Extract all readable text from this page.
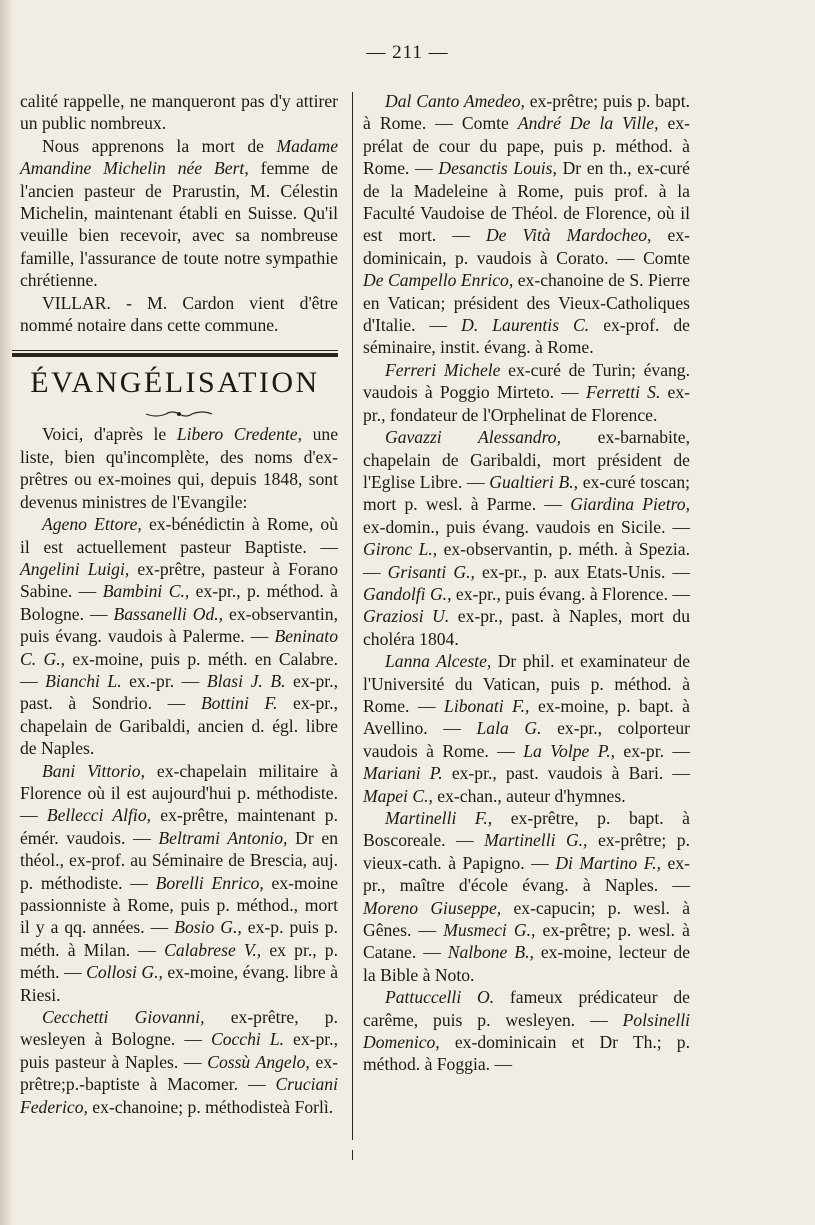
— 211 —

calité rappelle, ne manqueront pas d'y attirer un public nombreux.

Nous apprenons la mort de Madame Amandine Michelin née Bert, femme de l'ancien pasteur de Prarustin, M. Célestin Michelin, maintenant établi en Suisse. Qu'il veuille bien recevoir, avec sa nombreuse famille, l'assurance de toute notre sympathie chrétienne.

VILLAR. - M. Cardon vient d'être nommé notaire dans cette commune.

ÉVANGÉLISATION

Voici, d'après le Libero Credente, une liste, bien qu'incomplète, des noms d'ex-prêtres ou ex-moines qui, depuis 1848, sont devenus ministres de l'Evangile:

Ageno Ettore, ex-bénédictin à Rome, où il est actuellement pasteur Baptiste. — Angelini Luigi, ex-prêtre, pasteur à Forano Sabine. — Bambini C., ex-pr., p. méthod. à Bologne. — Bassanelli Od., ex-observantin, puis évang. vaudois à Palerme. — Beninato C. G., ex-moine, puis p. méth. en Calabre. — Bianchi L. ex.-pr. — Blasi J. B. ex-pr., past. à Sondrio. — Bottini F. ex-pr., chapelain de Garibaldi, ancien d. égl. libre de Naples.

Bani Vittorio, ex-chapelain militaire à Florence où il est aujourd'hui p. méthodiste. — Bellecci Alfio, ex-prêtre, maintenant p. émér. vaudois. — Beltrami Antonio, Dr en théol., ex-prof. au Séminaire de Brescia, auj. p. méthodiste. — Borelli Enrico, ex-moine passionniste à Rome, puis p. méthod., mort il y a qq. années. — Bosio G., ex-p. puis p. méth. à Milan. — Calabrese V., ex pr., p. méth. — Collosi G., ex-moine, évang. libre à Riesi.

Cecchetti Giovanni, ex-prêtre, p. wesleyen à Bologne. — Cocchi L. ex-pr., puis pasteur à Naples. — Cossù Angelo, ex-prêtre;p.-baptiste à Macomer. — Cruciani Federico, ex-chanoine; p. méthodisteà Forlì.

Dal Canto Amedeo, ex-prêtre; puis p. bapt. à Rome. — Comte André De la Ville, ex-prélat de cour du pape, puis p. méthod. à Rome. — Desanctis Louis, Dr en th., ex-curé de la Madeleine à Rome, puis prof. à la Faculté Vaudoise de Théol. de Florence, où il est mort. — De Vità Mardocheo, ex-dominicain, p. vaudois à Corato. — Comte De Campello Enrico, ex-chanoine de S. Pierre en Vatican; président des Vieux-Catholiques d'Italie. — D. Laurentis C. ex-prof. de séminaire, instit. évang. à Rome.

Ferreri Michele ex-curé de Turin; évang. vaudois à Poggio Mirteto. — Ferretti S. ex-pr., fondateur de l'Orphelinat de Florence.

Gavazzi Alessandro, ex-barnabite, chapelain de Garibaldi, mort président de l'Eglise Libre. — Gualtieri B., ex-curé toscan; mort p. wesl. à Parme. — Giardina Pietro, ex-domin., puis évang. vaudois en Sicile. — Gironc L., ex-observantin, p. méth. à Spezia. — Grisanti G., ex-pr., p. aux Etats-Unis. — Gandolfi G., ex-pr., puis évang. à Florence. — Graziosi U. ex-pr., past. à Naples, mort du choléra 1804.

Lanna Alceste, Dr phil. et examinateur de l'Université du Vatican, puis p. méthod. à Rome. — Libonati F., ex-moine, p. bapt. à Avellino. — Lala G. ex-pr., colporteur vaudois à Rome. — La Volpe P., ex-pr. — Mariani P. ex-pr., past. vaudois à Bari. — Mapei C., ex-chan., auteur d'hymnes.

Martinelli F., ex-prêtre, p. bapt. à Boscoreale. — Martinelli G., ex-prêtre; p. vieux-cath. à Papigno. — Di Martino F., ex-pr., maître d'école évang. à Naples. — Moreno Giuseppe, ex-capucin; p. wesl. à Gênes. — Musmeci G., ex-prêtre; p. wesl. à Catane. — Nalbone B., ex-moine, lecteur de la Bible à Noto.

Pattuccelli O. fameux prédicateur de carême, puis p. wesleyen. — Polsinelli Domenico, ex-dominicain et Dr Th.; p. méthod. à Foggia. —
